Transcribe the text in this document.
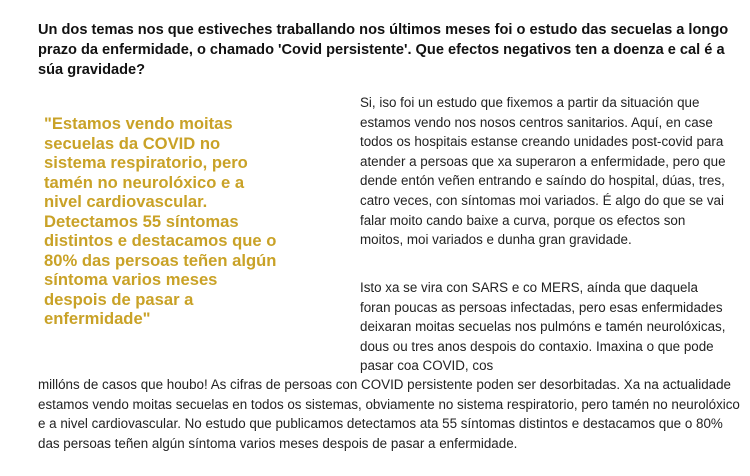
Un dos temas nos que estiveches traballando nos últimos meses foi o estudo das secuelas a longo prazo da enfermidade, o chamado 'Covid persistente'. Que efectos negativos ten a doenza e cal é a súa gravidade?

"Estamos vendo moitas secuelas da COVID no sistema respiratorio, pero tamén no neurolóxico e a nivel cardiovascular. Detectamos 55 síntomas distintos e destacamos que o 80% das persoas teñen algún síntoma varios meses despois de pasar a enfermidade"

Si, iso foi un estudo que fixemos a partir da situación que estamos vendo nos nosos centros sanitarios. Aquí, en case todos os hospitais estanse creando unidades post-covid para atender a persoas que xa superaron a enfermidade, pero que dende entón veñen entrando e saíndo do hospital, dúas, tres, catro veces, con síntomas moi variados. É algo do que se vai falar moito cando baixe a curva, porque os efectos son moitos, moi variados e dunha gran gravidade.

Isto xa se vira con SARS e co MERS, aínda que daquela foran poucas as persoas infectadas, pero esas enfermidades deixaran moitas secuelas nos pulmóns e tamén neurolóxicas, dous ou tres anos despois do contaxio. Imaxina o que pode pasar coa COVID, cos

millóns de casos que houbo! As cifras de persoas con COVID persistente poden ser desorbitadas. Xa na actualidade estamos vendo moitas secuelas en todos os sistemas, obviamente no sistema respiratorio, pero tamén no neurolóxico e a nivel cardiovascular. No estudo que publicamos detectamos ata 55 síntomas distintos e destacamos que o 80% das persoas teñen algún síntoma varios meses despois de pasar a enfermidade.
